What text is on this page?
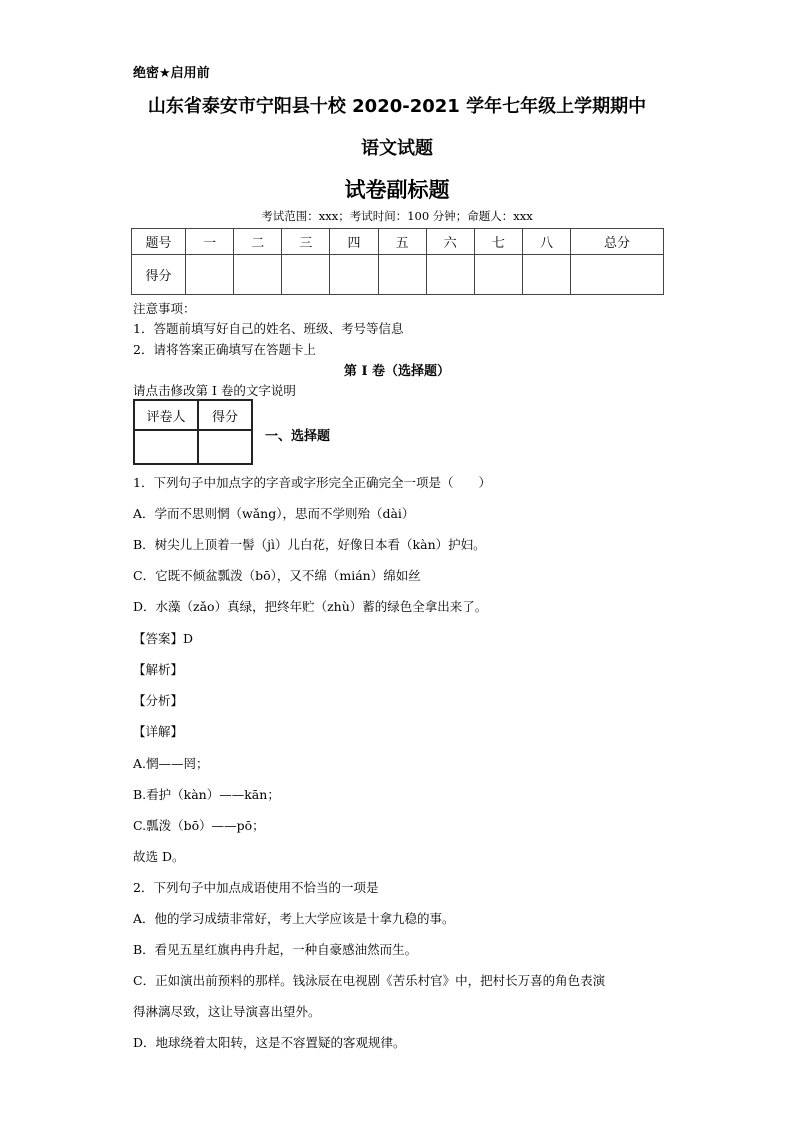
绝密★启用前
山东省泰安市宁阳县十校 2020-2021 学年七年级上学期期中
语文试题
试卷副标题
考试范围：xxx；考试时间：100 分钟；命题人：xxx
题号	一	二	三	四	五	六	七	八	总分
得分									
注意事项：
1．答题前填写好自己的姓名、班级、考号等信息
2．请将答案正确填写在答题卡上
第 I 卷（选择题）
请点击修改第 I 卷的文字说明
评卷人	得分

一、选择题
1．下列句子中加点字的字音或字形完全正确完全一项是（　　）
A．学而不思则惘（wǎng），思而不学则殆（dài）
B．树尖儿上顶着一髻（jì）儿白花，好像日本看（kàn）护妇。
C．它既不倾盆瓢泼（bō），又不绵（mián）绵如丝
D．水藻（zǎo）真绿，把终年贮（zhù）蓄的绿色全拿出来了。
【答案】D
【解析】
【分析】
【详解】
A.惘——罔；
B.看护（kàn）——kān；
C.瓢泼（bō）——pō；
故选 D。
2．下列句子中加点成语使用不恰当的一项是
A．他的学习成绩非常好，考上大学应该是十拿九稳的事。
B．看见五星红旗冉冉升起，一种自豪感油然而生。
C．正如演出前预料的那样。钱泳辰在电视剧《苦乐村官》中，把村长万喜的角色表演
得淋漓尽致，这让导演喜出望外。
D．地球绕着太阳转，这是不容置疑的客观规律。
